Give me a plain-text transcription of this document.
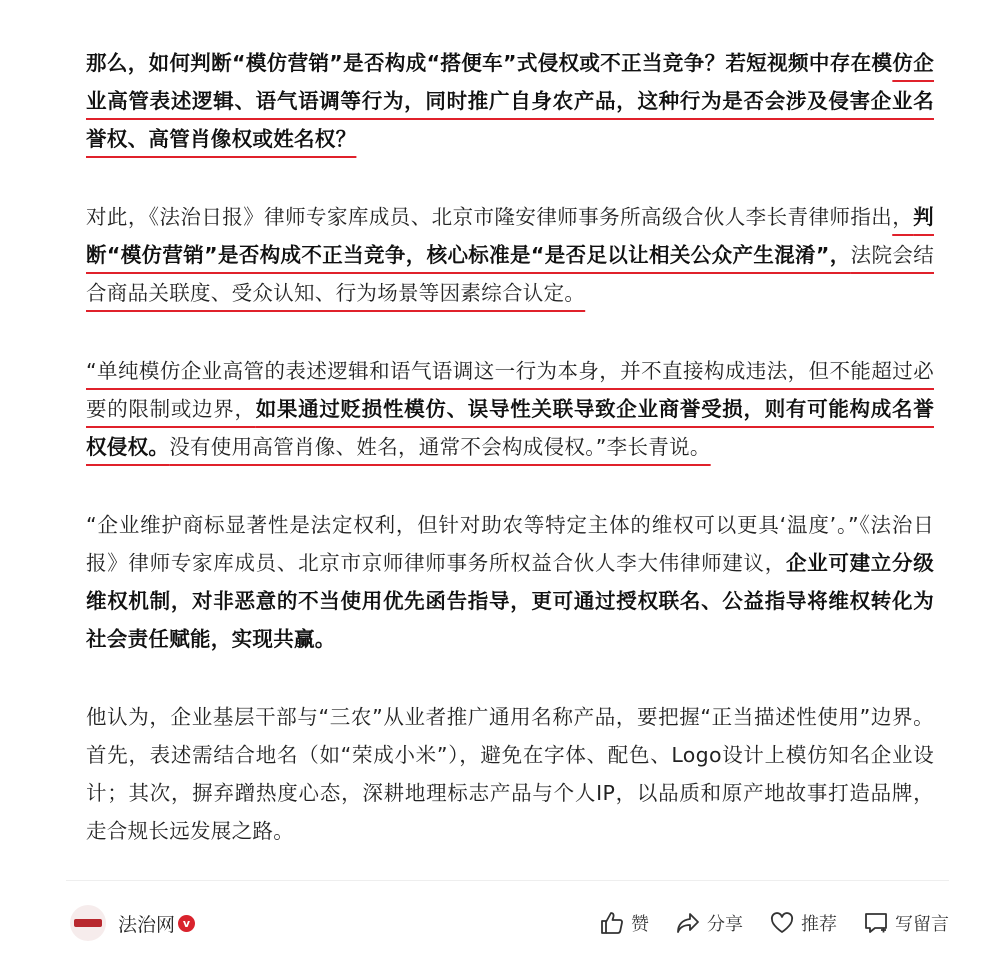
那么，如何判断“模仿营销”是否构成“搭便车”式侵权或不正当竞争？若短视频中存在模仿企业高管表述逻辑、语气语调等行为，同时推广自身农产品，这种行为是否会涉及侵害企业名誉权、高管肖像权或姓名权？

对此，《法治日报》律师专家库成员、北京市隆安律师事务所高级合伙人李长青律师指出，判断“模仿营销”是否构成不正当竞争，核心标准是“是否足以让相关公众产生混淆”，法院会结合商品关联度、受众认知、行为场景等因素综合认定。

“单纯模仿企业高管的表述逻辑和语气语调这一行为本身，并不直接构成违法，但不能超过必要的限制或边界，如果通过贬损性模仿、误导性关联导致企业商誉受损，则有可能构成名誉权侵权。没有使用高管肖像、姓名，通常不会构成侵权。”李长青说。

“企业维护商标显著性是法定权利，但针对助农等特定主体的维权可以更具‘温度’。”《法治日报》律师专家库成员、北京市京师律师事务所权益合伙人李大伟律师建议，企业可建立分级维权机制，对非恶意的不当使用优先函告指导，更可通过授权联名、公益指导将维权转化为社会责任赋能，实现共赢。

他认为，企业基层干部与“三农”从业者推广通用名称产品，要把握“正当描述性使用”边界。首先，表述需结合地名（如“荣成小米”），避免在字体、配色、Logo设计上模仿知名企业设计；其次，摒弃蹭热度心态，深耕地理标志产品与个人IP，以品质和原产地故事打造品牌，走合规长远发展之路。

法治网 v	赞	分享	推荐	写留言
